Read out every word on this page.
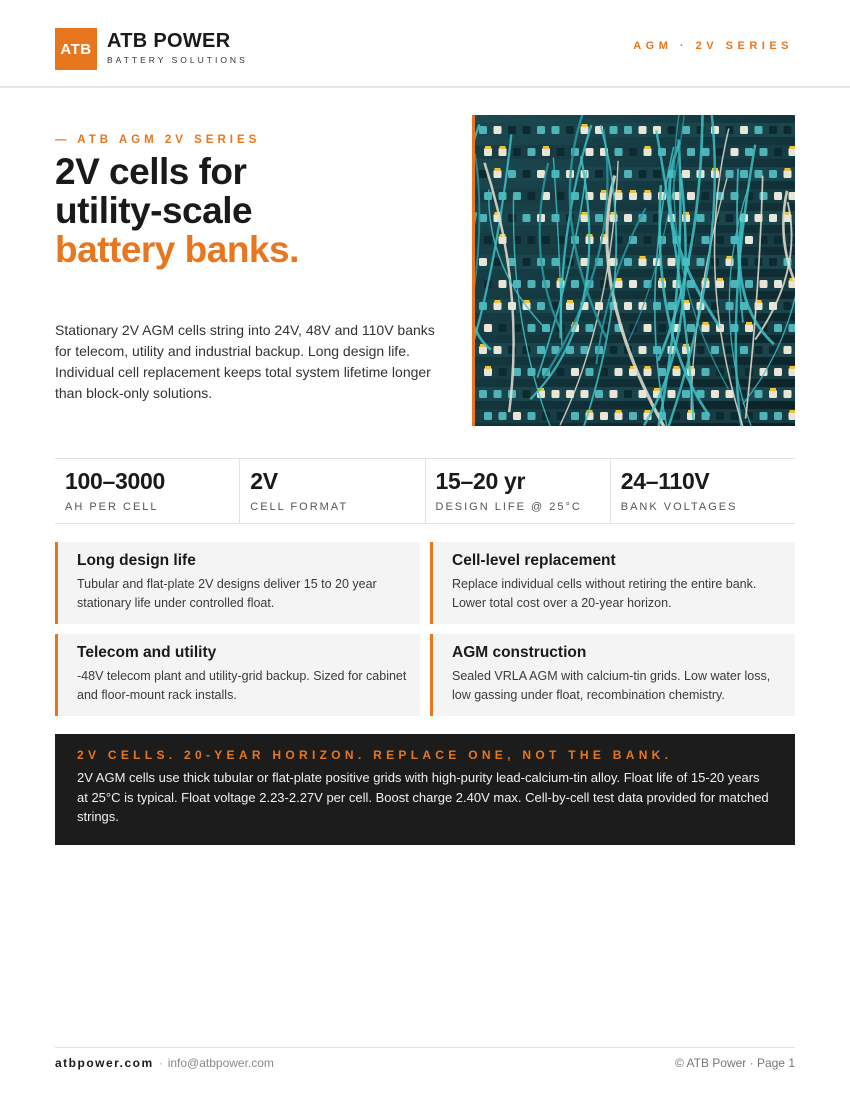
ATB ATB POWER
BATTERY SOLUTIONS
AGM · 2V SERIES
— ATB AGM 2V SERIES
2V cells for
utility-scale
battery banks.

Stationary 2V AGM cells string into 24V, 48V and 110V banks for telecom, utility and industrial backup. Long design life. Individual cell replacement keeps total system lifetime longer than block-only solutions.

100–3000
AH PER CELL
2V
CELL FORMAT
15–20 yr
DESIGN LIFE @ 25°C
24–110V
BANK VOLTAGES
Long design life
Tubular and flat-plate 2V designs deliver 15 to 20 year stationary life under controlled float.
Cell-level replacement
Replace individual cells without retiring the entire bank. Lower total cost over a 20-year horizon.
Telecom and utility
-48V telecom plant and utility-grid backup. Sized for cabinet and floor-mount rack installs.
AGM construction
Sealed VRLA AGM with calcium-tin grids. Low water loss, low gassing under float, recombination chemistry.
2V CELLS. 20-YEAR HORIZON. REPLACE ONE, NOT THE BANK.
2V AGM cells use thick tubular or flat-plate positive grids with high-purity lead-calcium-tin alloy. Float life of 15-20 years at 25°C is typical. Float voltage 2.23-2.27V per cell. Boost charge 2.40V max. Cell-by-cell test data provided for matched strings.
atbpower.com · info@atbpower.com	© ATB Power · Page 1
